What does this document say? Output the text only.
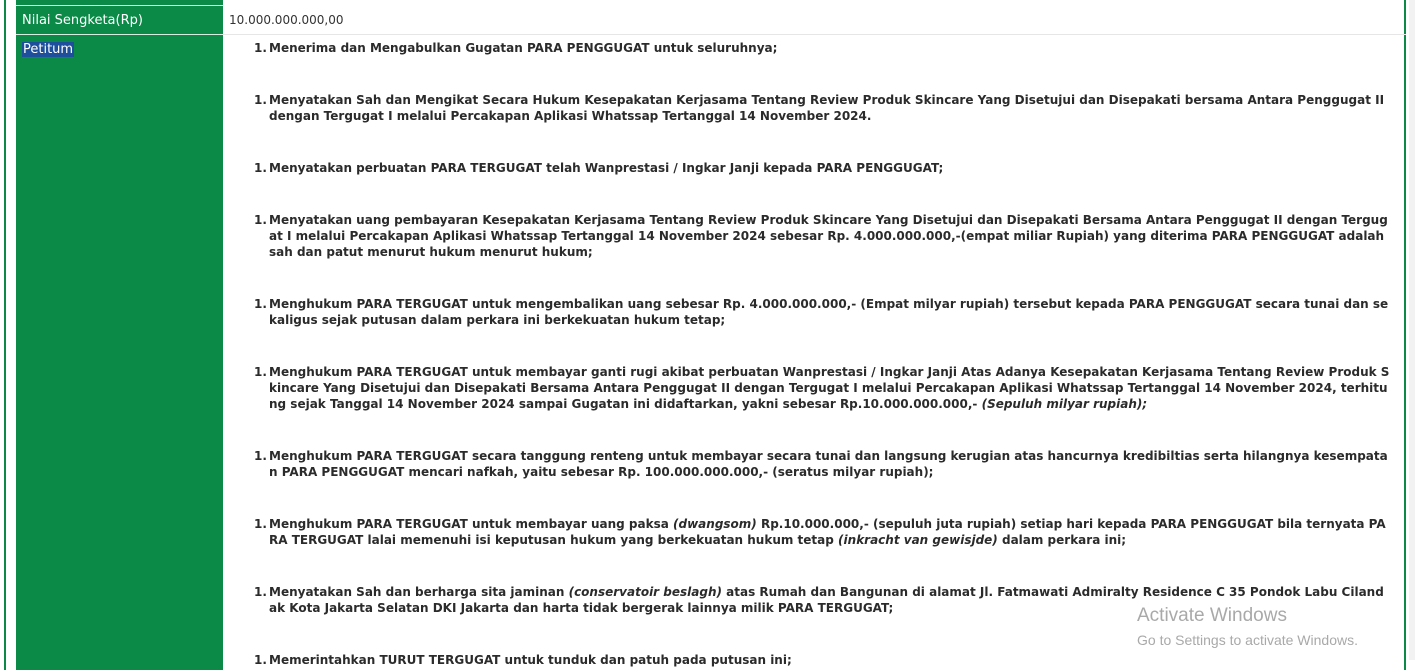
Nilai Sengketa(Rp)
Petitum
10.000.000.000,00
1. Menerima dan Mengabulkan Gugatan PARA PENGGUGAT untuk seluruhnya;
1. Menyatakan Sah dan Mengikat Secara Hukum Kesepakatan Kerjasama Tentang Review Produk Skincare Yang Disetujui dan Disepakati bersama Antara Penggugat II dengan Tergugat I melalui Percakapan Aplikasi Whatssap Tertanggal 14 November 2024.
1. Menyatakan perbuatan PARA TERGUGAT telah Wanprestasi / Ingkar Janji kepada PARA PENGGUGAT;
1. Menyatakan uang pembayaran Kesepakatan Kerjasama Tentang Review Produk Skincare Yang Disetujui dan Disepakati Bersama Antara Penggugat II dengan Tergugat I melalui Percakapan Aplikasi Whatssap Tertanggal 14 November 2024 sebesar Rp. 4.000.000.000,-(empat miliar Rupiah) yang diterima PARA PENGGUGAT adalah sah dan patut menurut hukum menurut hukum;
1. Menghukum PARA TERGUGAT untuk mengembalikan uang sebesar Rp. 4.000.000.000,- (Empat milyar rupiah) tersebut kepada PARA PENGGUGAT secara tunai dan sekaligus sejak putusan dalam perkara ini berkekuatan hukum tetap;
1. Menghukum PARA TERGUGAT untuk membayar ganti rugi akibat perbuatan Wanprestasi / Ingkar Janji Atas Adanya Kesepakatan Kerjasama Tentang Review Produk Skincare Yang Disetujui dan Disepakati Bersama Antara Penggugat II dengan Tergugat I melalui Percakapan Aplikasi Whatssap Tertanggal 14 November 2024, terhitung sejak Tanggal 14 November 2024 sampai Gugatan ini didaftarkan, yakni sebesar Rp.10.000.000.000,- (Sepuluh milyar rupiah);
1. Menghukum PARA TERGUGAT secara tanggung renteng untuk membayar secara tunai dan langsung kerugian atas hancurnya kredibiltias serta hilangnya kesempatan PARA PENGGUGAT mencari nafkah, yaitu sebesar Rp. 100.000.000.000,- (seratus milyar rupiah);
1. Menghukum PARA TERGUGAT untuk membayar uang paksa (dwangsom) Rp.10.000.000,- (sepuluh juta rupiah) setiap hari kepada PARA PENGGUGAT bila ternyata PARA TERGUGAT lalai memenuhi isi keputusan hukum yang berkekuatan hukum tetap (inkracht van gewisjde) dalam perkara ini;
1. Menyatakan Sah dan berharga sita jaminan (conservatoir beslagh) atas Rumah dan Bangunan di alamat Jl. Fatmawati Admiralty Residence C 35 Pondok Labu Cilandak Kota Jakarta Selatan DKI Jakarta dan harta tidak bergerak lainnya milik PARA TERGUGAT;
1. Memerintahkan TURUT TERGUGAT untuk tunduk dan patuh pada putusan ini;
Activate Windows
Go to Settings to activate Windows.
